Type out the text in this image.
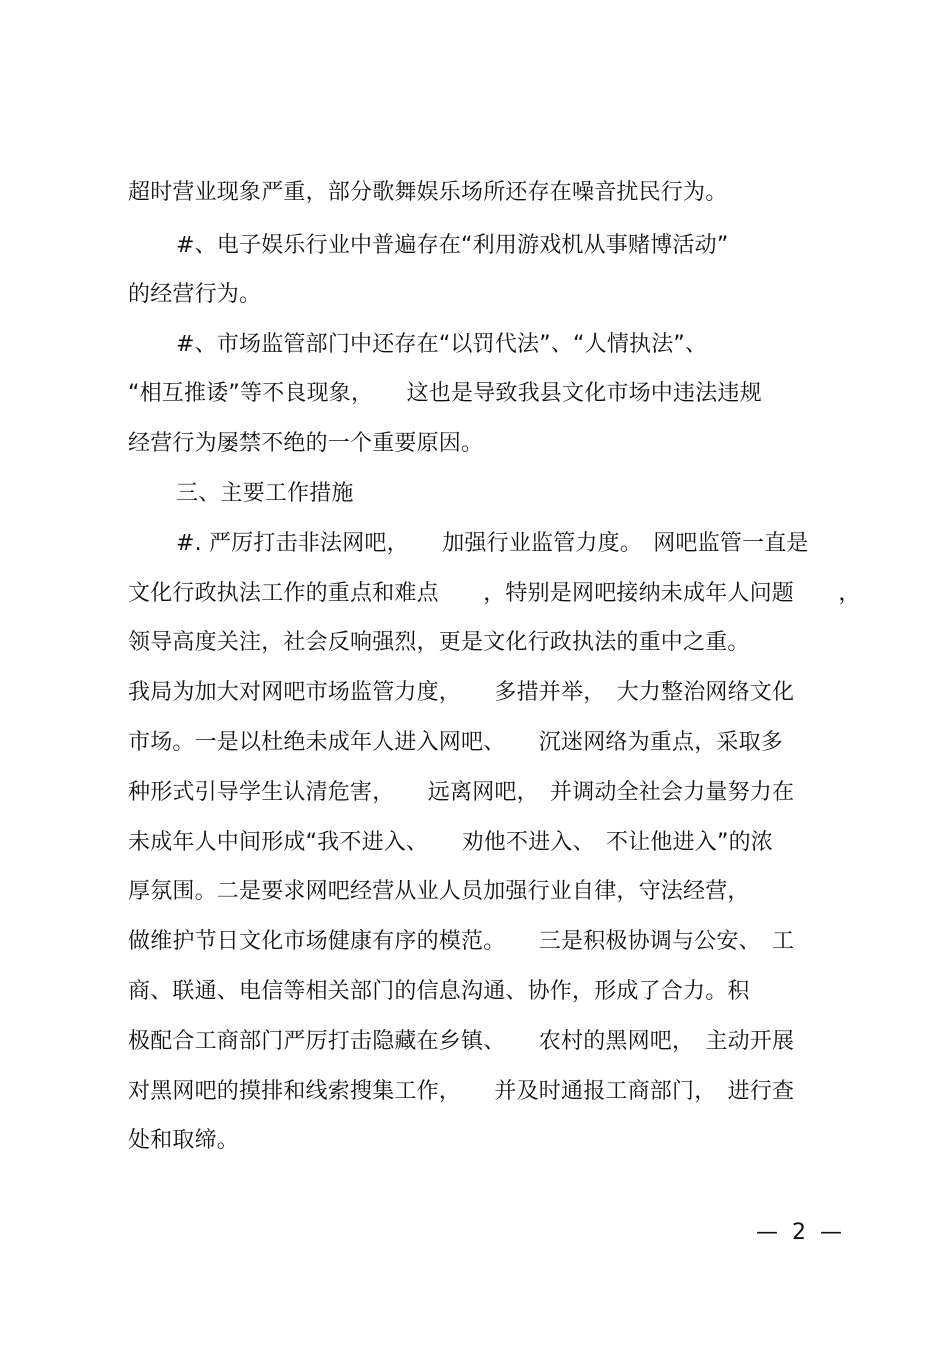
超时营业现象严重，部分歌舞娱乐场所还存在噪音扰民行为。
#、电子娱乐行业中普遍存在“利用游戏机从事赌博活动”
的经营行为。
#、市场监管部门中还存在“以罚代法”、“人情执法”、
“相互推诿”等不良现象，　　这也是导致我县文化市场中违法违规
经营行为屡禁不绝的一个重要原因。
三、主要工作措施
#. 严厉打击非法网吧，　　加强行业监管力度。　网吧监管一直是
文化行政执法工作的重点和难点　　，特别是网吧接纳未成年人问题　　，
领导高度关注，社会反响强烈，更是文化行政执法的重中之重。
我局为加大对网吧市场监管力度，　　多措并举，　大力整治网络文化
市场。一是以杜绝未成年人进入网吧、　　沉迷网络为重点，采取多
种形式引导学生认清危害，　　远离网吧，　并调动全社会力量努力在
未成年人中间形成“我不进入、　　劝他不进入、　不让他进入”的浓
厚氛围。二是要求网吧经营从业人员加强行业自律，守法经营，
做维护节日文化市场健康有序的模范。　　三是积极协调与公安、　工
商、联通、电信等相关部门的信息沟通、协作，形成了合力。积
极配合工商部门严厉打击隐藏在乡镇、　　农村的黑网吧，　主动开展
对黑网吧的摸排和线索搜集工作，　　并及时通报工商部门，　进行查
处和取缔。
—  2  —
